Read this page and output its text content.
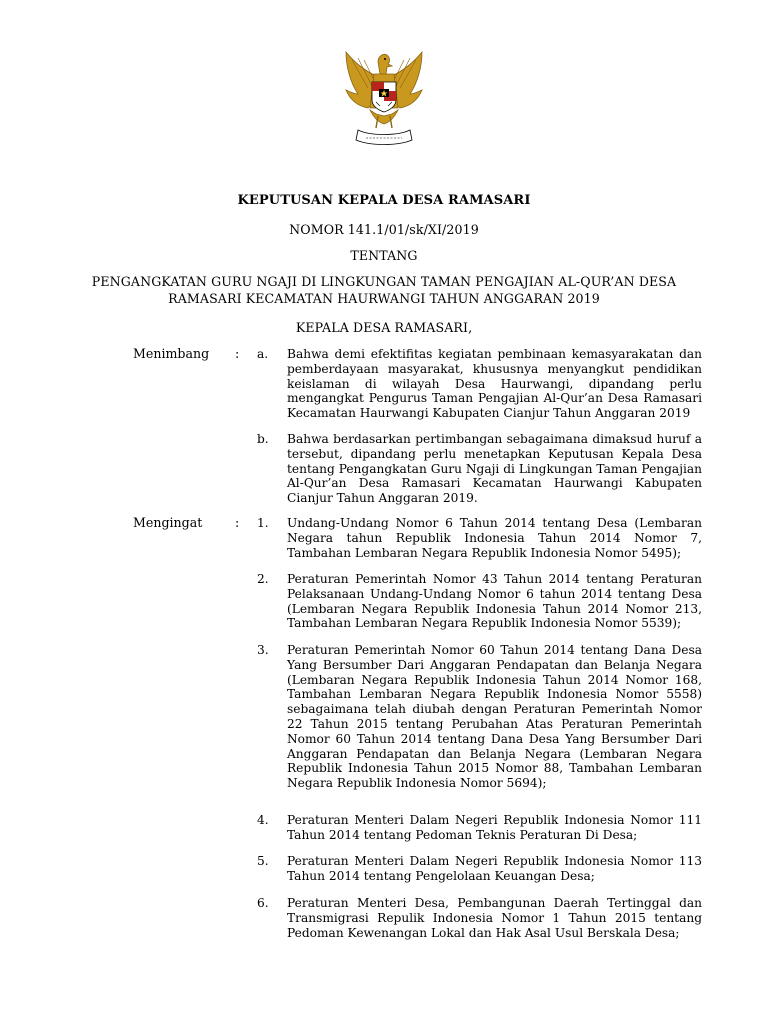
KEPUTUSAN KEPALA DESA RAMASARI
NOMOR 141.1/01/sk/XI/2019
TENTANG
PENGANGKATAN GURU NGAJI DI LINGKUNGAN TAMAN PENGAJIAN AL-QUR’AN DESA
RAMASARI KECAMATAN HAURWANGI TAHUN ANGGARAN 2019
KEPALA DESA RAMASARI,
Menimbang : a.	Bahwa demi efektifitas kegiatan pembinaan kemasyarakatan dan pemberdayaan masyarakat, khususnya menyangkut pendidikan keislaman di wilayah Desa Haurwangi, dipandang perlu mengangkat Pengurus Taman Pengajian Al-Qur’an Desa Ramasari Kecamatan Haurwangi Kabupaten Cianjur Tahun Anggaran 2019
b.	Bahwa berdasarkan pertimbangan sebagaimana dimaksud huruf a tersebut, dipandang perlu menetapkan Keputusan Kepala Desa tentang Pengangkatan Guru Ngaji di Lingkungan Taman Pengajian Al-Qur’an Desa Ramasari Kecamatan Haurwangi Kabupaten Cianjur Tahun Anggaran 2019.
Mengingat	: 1.	Undang-Undang Nomor 6 Tahun 2014 tentang Desa (Lembaran Negara tahun Republik Indonesia Tahun 2014 Nomor 7, Tambahan Lembaran Negara Republik Indonesia Nomor 5495);
2.	Peraturan Pemerintah Nomor 43 Tahun 2014 tentang Peraturan Pelaksanaan Undang-Undang Nomor 6 tahun 2014 tentang Desa (Lembaran Negara Republik Indonesia Tahun 2014 Nomor 213, Tambahan Lembaran Negara Republik Indonesia Nomor 5539);
3.	Peraturan Pemerintah Nomor 60 Tahun 2014 tentang Dana Desa Yang Bersumber Dari Anggaran Pendapatan dan Belanja Negara (Lembaran Negara Republik Indonesia Tahun 2014 Nomor 168, Tambahan Lembaran Negara Republik Indonesia Nomor 5558) sebagaimana telah diubah dengan Peraturan Pemerintah Nomor 22 Tahun 2015 tentang Perubahan Atas Peraturan Pemerintah Nomor 60 Tahun 2014 tentang Dana Desa Yang Bersumber Dari Anggaran Pendapatan dan Belanja Negara (Lembaran Negara Republik Indonesia Tahun 2015 Nomor 88, Tambahan Lembaran Negara Republik Indonesia Nomor 5694);
4.	Peraturan Menteri Dalam Negeri Republik Indonesia Nomor 111 Tahun 2014 tentang Pedoman Teknis Peraturan Di Desa;
5.	Peraturan Menteri Dalam Negeri Republik Indonesia Nomor 113 Tahun 2014 tentang Pengelolaan Keuangan Desa;
6.	Peraturan Menteri Desa, Pembangunan Daerah Tertinggal dan Transmigrasi Repulik Indonesia Nomor 1 Tahun 2015 tentang Pedoman Kewenangan Lokal dan Hak Asal Usul Berskala Desa;
